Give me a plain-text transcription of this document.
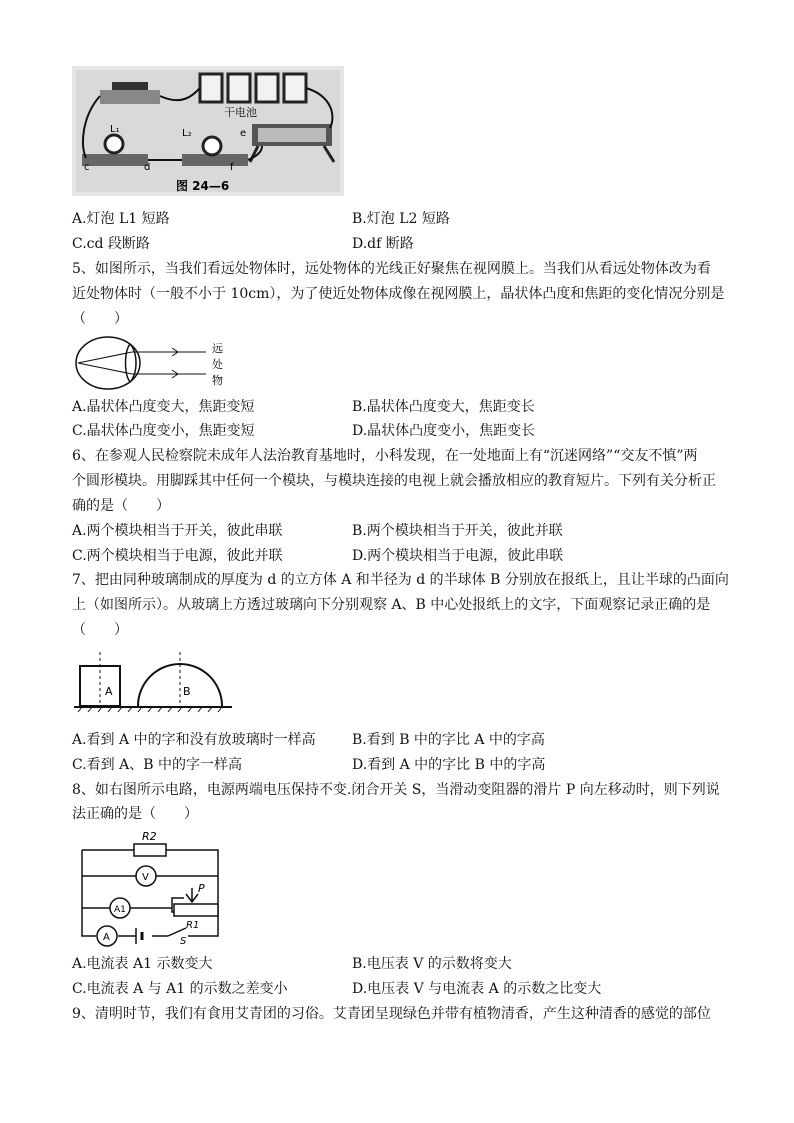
干电池
c	d
L₁	L₂	e
f
图 24—6
A.灯泡 L1 短路	B.灯泡 L2 短路
C.cd 段断路	D.df 断路
5、如图所示，当我们看远处物体时，远处物体的光线正好聚焦在视网膜上。当我们从看远处物体改为看
近处物体时（一般不小于 10cm），为了使近处物体成像在视网膜上，晶状体凸度和焦距的变化情况分别是
（　　）
远
处
物
A.晶状体凸度变大，焦距变短	B.晶状体凸度变大，焦距变长
C.晶状体凸度变小，焦距变短	D.晶状体凸度变小，焦距变长
6、在参观人民检察院未成年人法治教育基地时，小科发现，在一处地面上有“沉迷网络”“交友不慎”两
个圆形模块。用脚踩其中任何一个模块，与模块连接的电视上就会播放相应的教育短片。下列有关分析正
确的是（　　）
A.两个模块相当于开关，彼此串联	B.两个模块相当于开关，彼此并联
C.两个模块相当于电源，彼此并联	D.两个模块相当于电源，彼此串联
7、把由同种玻璃制成的厚度为 d 的立方体 A 和半径为 d 的半球体 B 分别放在报纸上，且让半球的凸面向
上（如图所示）。从玻璃上方透过玻璃向下分别观察 A、B 中心处报纸上的文字，下面观察记录正确的是
（　　）
A	B
A.看到 A 中的字和没有放玻璃时一样高	B.看到 B 中的字比 A 中的字高
C.看到 A、B 中的字一样高	D.看到 A 中的字比 B 中的字高
8、如右图所示电路，电源两端电压保持不变.闭合开关 S，当滑动变阻器的滑片 P 向左移动时，则下列说
法正确的是（　　）
R2
V
A1
P
R1
A	S
A.电流表 A1 示数变大	B.电压表 V 的示数将变大
C.电流表 A 与 A1 的示数之差变小	D.电压表 V 与电流表 A 的示数之比变大
9、清明时节，我们有食用艾青团的习俗。艾青团呈现绿色并带有植物清香，产生这种清香的感觉的部位
